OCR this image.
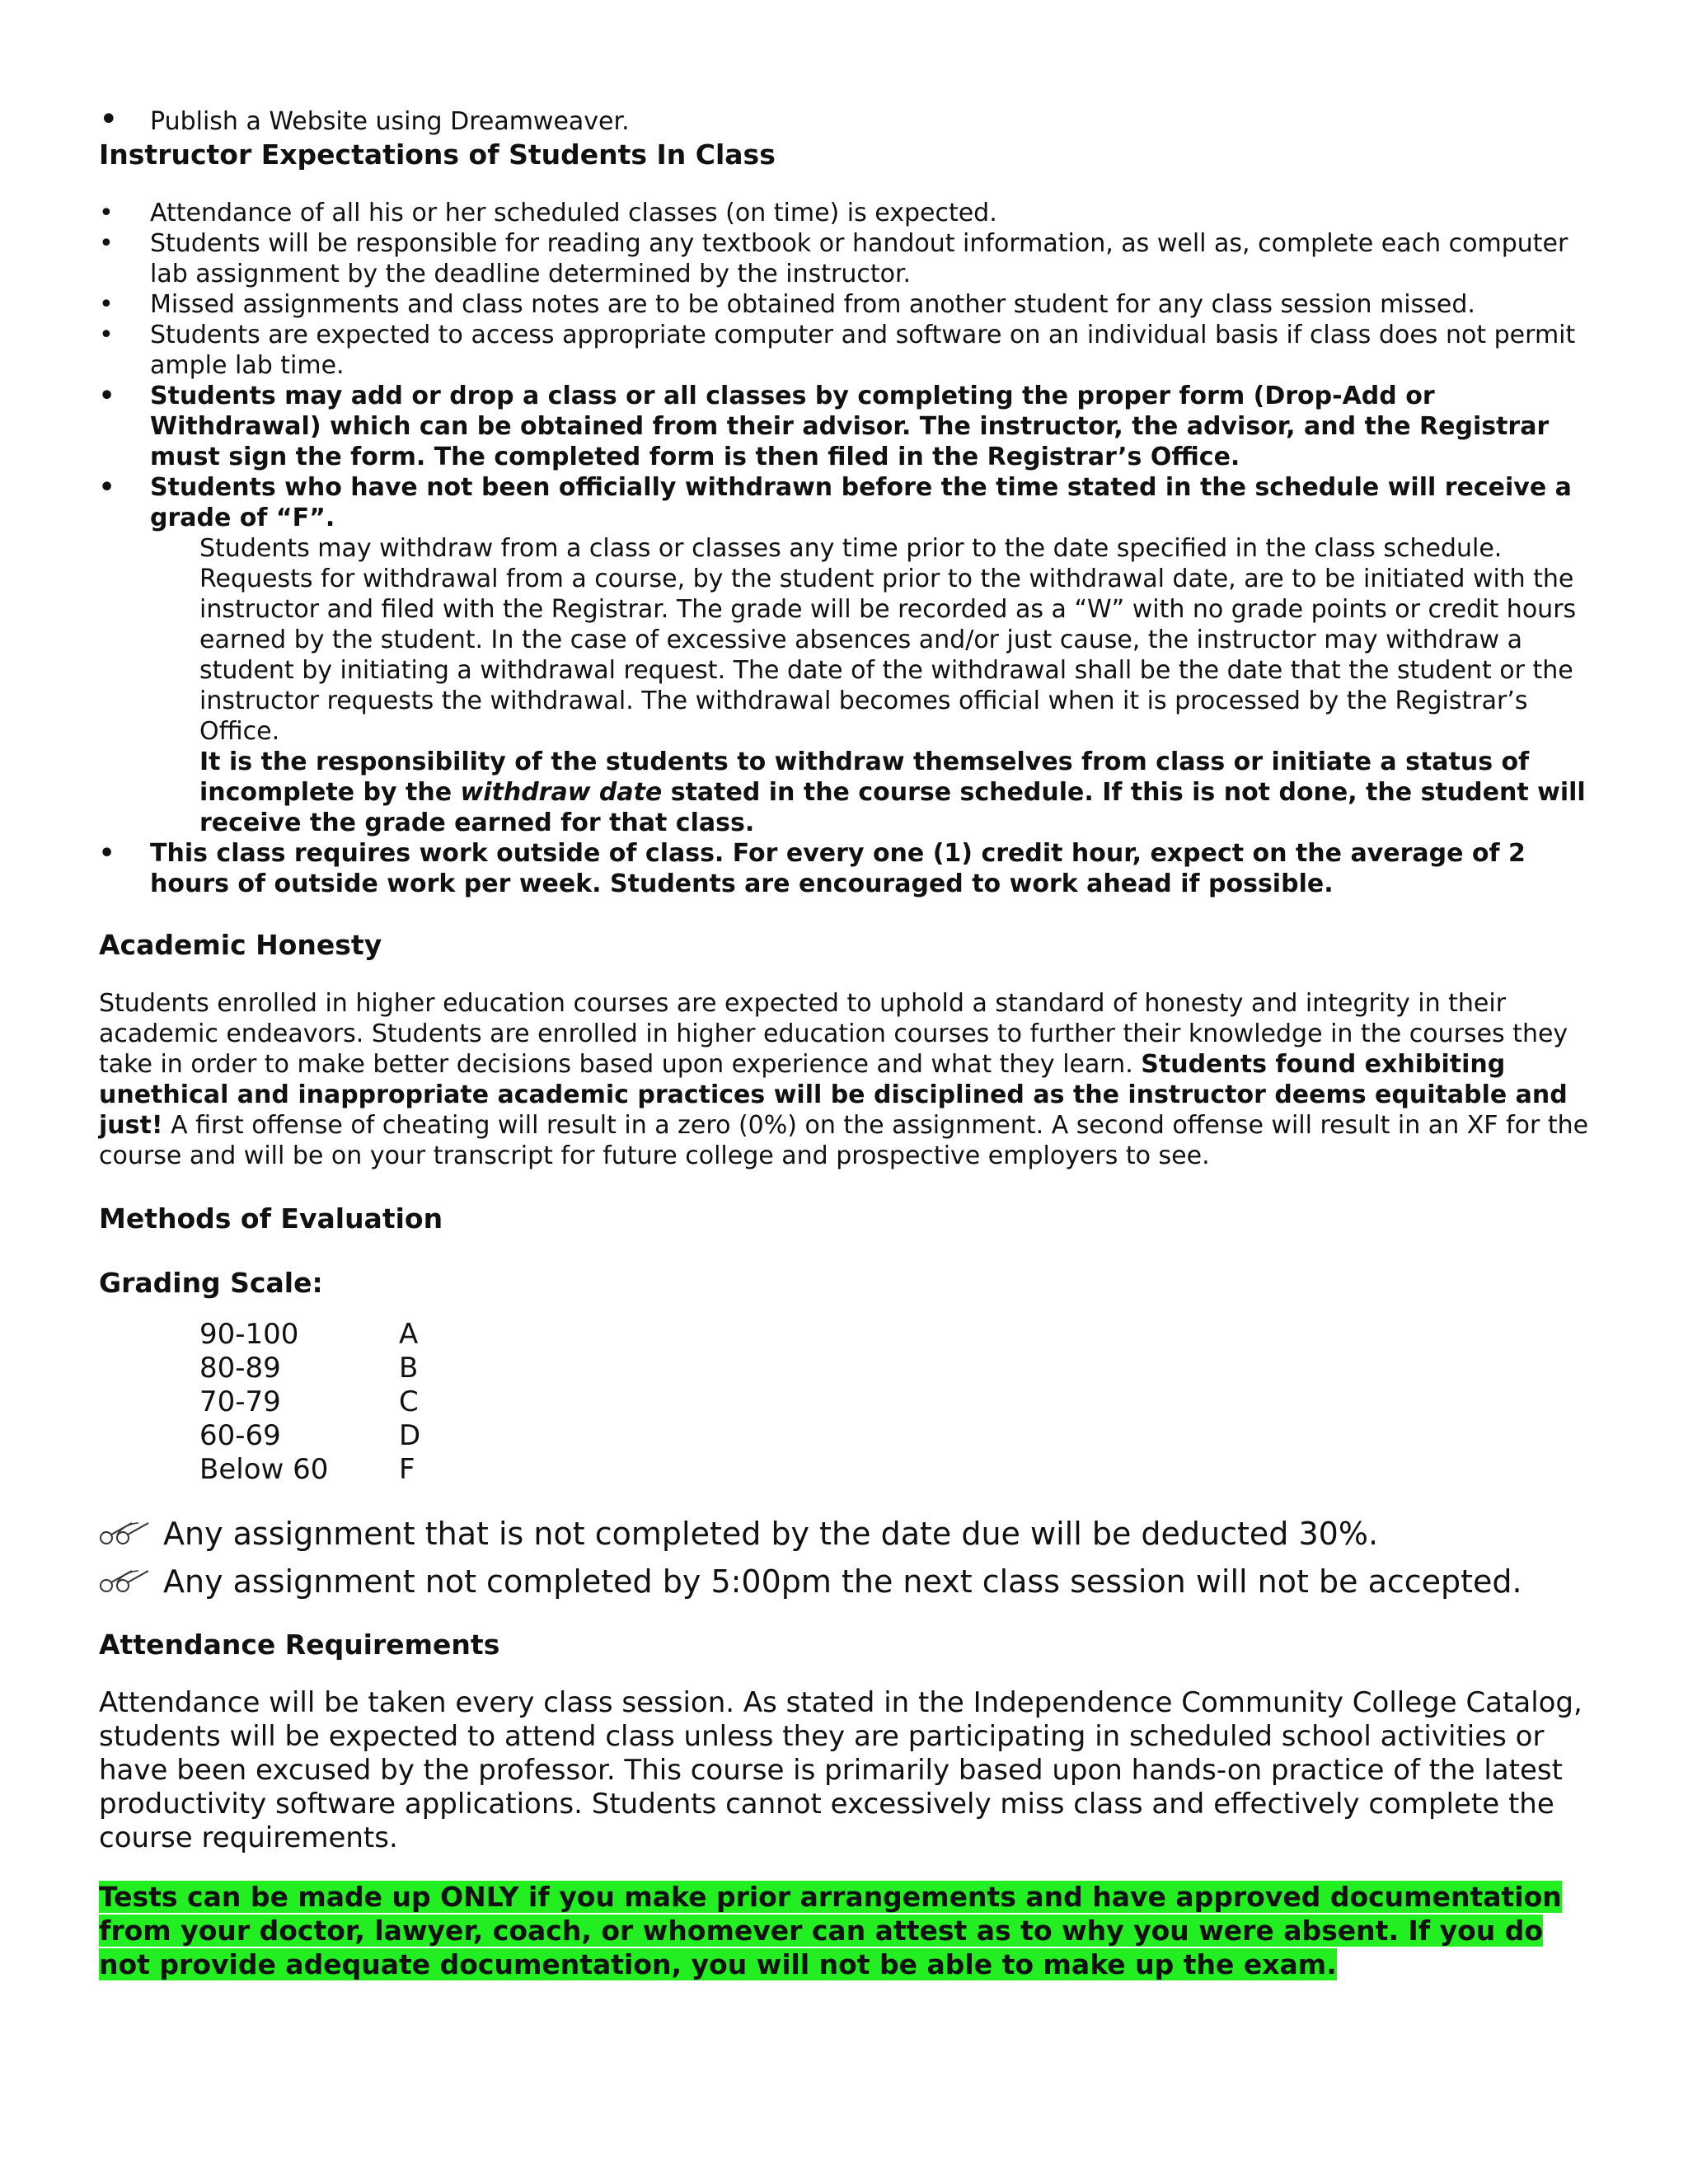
• Publish a Website using Dreamweaver.
Instructor Expectations of Students In Class
•	Attendance of all his or her scheduled classes (on time) is expected.
•	Students will be responsible for reading any textbook or handout information, as well as, complete each computer lab assignment by the deadline determined by the instructor.
•	Missed assignments and class notes are to be obtained from another student for any class session missed.
•	Students are expected to access appropriate computer and software on an individual basis if class does not permit ample lab time.
•	Students may add or drop a class or all classes by completing the proper form (Drop-Add or Withdrawal) which can be obtained from their advisor. The instructor, the advisor, and the Registrar must sign the form. The completed form is then filed in the Registrar’s Office.
•	Students who have not been officially withdrawn before the time stated in the schedule will receive a grade of “F”.
Students may withdraw from a class or classes any time prior to the date specified in the class schedule. Requests for withdrawal from a course, by the student prior to the withdrawal date, are to be initiated with the instructor and filed with the Registrar. The grade will be recorded as a “W” with no grade points or credit hours earned by the student. In the case of excessive absences and/or just cause, the instructor may withdraw a student by initiating a withdrawal request. The date of the withdrawal shall be the date that the student or the instructor requests the withdrawal. The withdrawal becomes official when it is processed by the Registrar’s Office.
It is the responsibility of the students to withdraw themselves from class or initiate a status of incomplete by the withdraw date stated in the course schedule. If this is not done, the student will receive the grade earned for that class.
•	This class requires work outside of class. For every one (1) credit hour, expect on the average of 2 hours of outside work per week. Students are encouraged to work ahead if possible.
Academic Honesty

Students enrolled in higher education courses are expected to uphold a standard of honesty and integrity in their academic endeavors. Students are enrolled in higher education courses to further their knowledge in the courses they take in order to make better decisions based upon experience and what they learn. Students found exhibiting unethical and inappropriate academic practices will be disciplined as the instructor deems equitable and just! A first offense of cheating will result in a zero (0%) on the assignment. A second offense will result in an XF for the course and will be on your transcript for future college and prospective employers to see.

Methods of Evaluation
Grading Scale:
90-100	A
80-89	B
70-79	C
60-69	D
Below 60	F
Any assignment that is not completed by the date due will be deducted 30%.
Any assignment not completed by 5:00pm the next class session will not be accepted.
Attendance Requirements

Attendance will be taken every class session. As stated in the Independence Community College Catalog, students will be expected to attend class unless they are participating in scheduled school activities or have been excused by the professor. This course is primarily based upon hands-on practice of the latest productivity software applications. Students cannot excessively miss class and effectively complete the course requirements.

Tests can be made up ONLY if you make prior arrangements and have approved documentation from your doctor, lawyer, coach, or whomever can attest as to why you were absent. If you do not provide adequate documentation, you will not be able to make up the exam.
